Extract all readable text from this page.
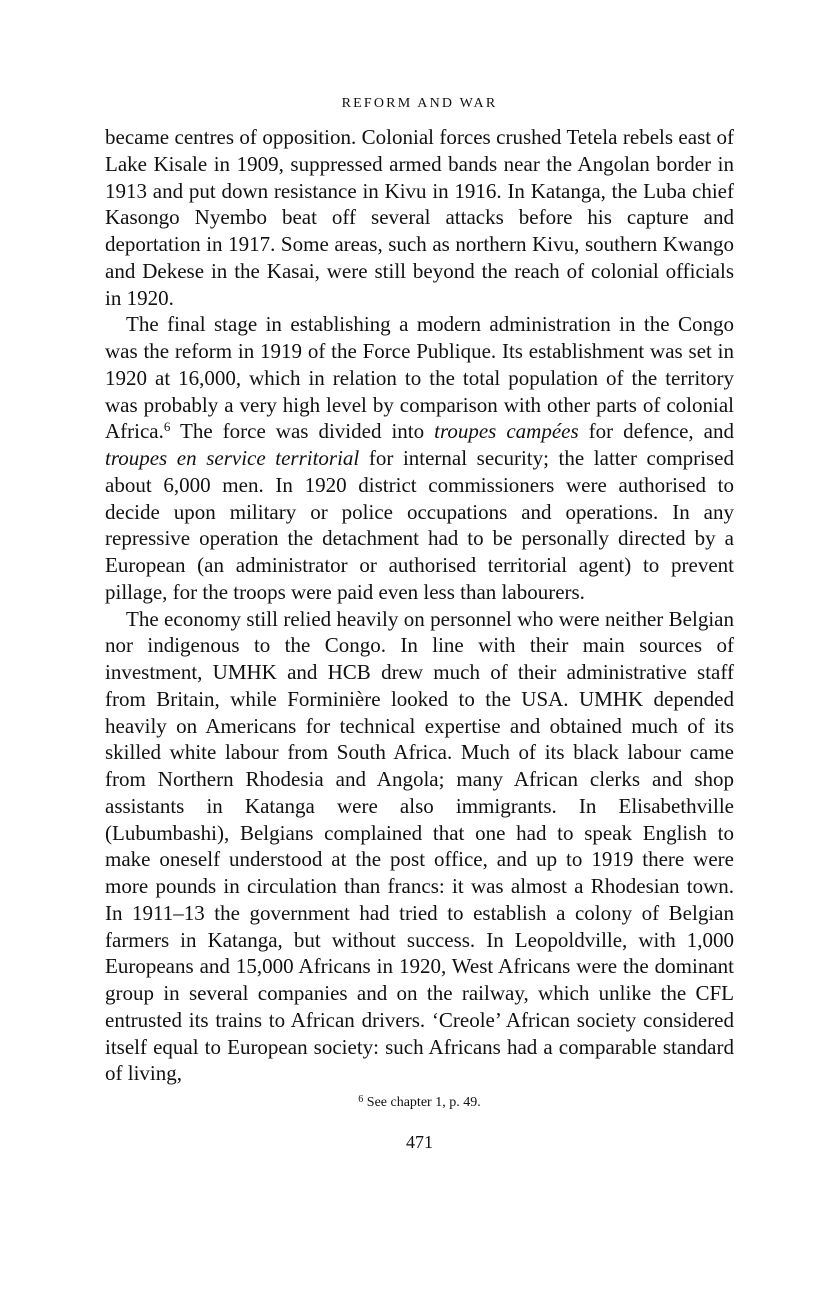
REFORM AND WAR

became centres of opposition. Colonial forces crushed Tetela rebels east of Lake Kisale in 1909, suppressed armed bands near the Angolan border in 1913 and put down resistance in Kivu in 1916. In Katanga, the Luba chief Kasongo Nyembo beat off several attacks before his capture and deportation in 1917. Some areas, such as northern Kivu, southern Kwango and Dekese in the Kasai, were still beyond the reach of colonial officials in 1920.

The final stage in establishing a modern administration in the Congo was the reform in 1919 of the Force Publique. Its establishment was set in 1920 at 16,000, which in relation to the total population of the territory was probably a very high level by comparison with other parts of colonial Africa.$^6$ The force was divided into troupes campées for defence, and troupes en service territorial for internal security; the latter comprised about 6,000 men. In 1920 district commissioners were authorised to decide upon military or police occupations and operations. In any repressive operation the detachment had to be personally directed by a European (an administrator or authorised territorial agent) to prevent pillage, for the troops were paid even less than labourers.

The economy still relied heavily on personnel who were neither Belgian nor indigenous to the Congo. In line with their main sources of investment, UMHK and HCB drew much of their administrative staff from Britain, while Forminière looked to the USA. UMHK depended heavily on Americans for technical expertise and obtained much of its skilled white labour from South Africa. Much of its black labour came from Northern Rhodesia and Angola; many African clerks and shop assistants in Katanga were also immigrants. In Elisabethville (Lubumbashi), Belgians complained that one had to speak English to make oneself understood at the post office, and up to 1919 there were more pounds in circulation than francs: it was almost a Rhodesian town. In 1911–13 the government had tried to establish a colony of Belgian farmers in Katanga, but without success. In Leopoldville, with 1,000 Europeans and 15,000 Africans in 1920, West Africans were the dominant group in several companies and on the railway, which unlike the CFL entrusted its trains to African drivers. ‘Creole’ African society considered itself equal to European society: such Africans had a comparable standard of living,

$^6$ See chapter 1, p. 49.
471
